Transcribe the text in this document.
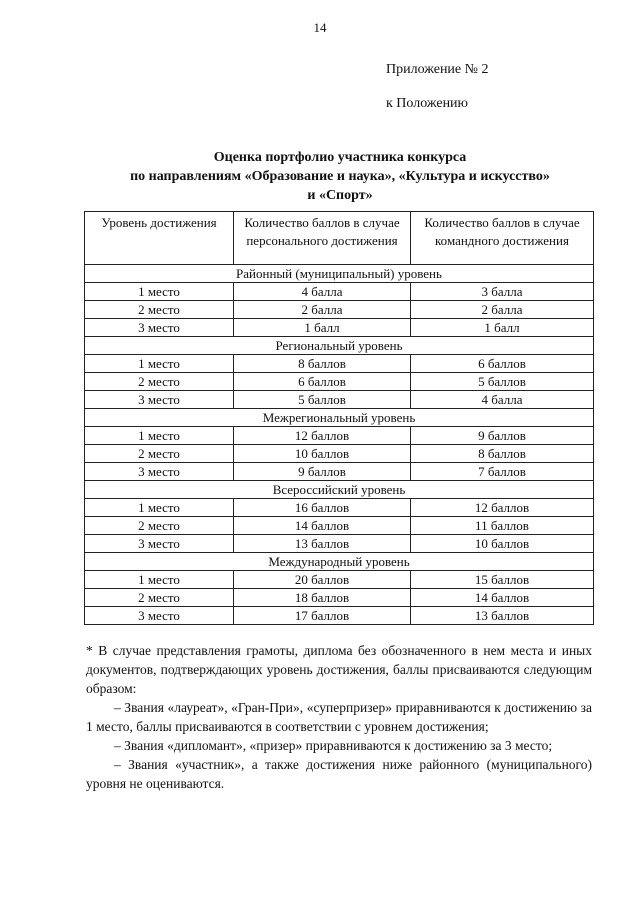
14
Приложение № 2
к Положению
Оценка портфолио участника конкурса
по направлениям «Образование и наука», «Культура и искусство»
и «Спорт»
Уровень достижения	Количество баллов в случае персонального достижения	Количество баллов в случае командного достижения
Районный (муниципальный) уровень		
1 место	4 балла	3 балла
2 место	2 балла	2 балла
3 место	1 балл	1 балл
Региональный уровень		
1 место	8 баллов	6 баллов
2 место	6 баллов	5 баллов
3 место	5 баллов	4 балла
Межрегиональный уровень		
1 место	12 баллов	9 баллов
2 место	10 баллов	8 баллов
3 место	9 баллов	7 баллов
Всероссийский уровень		
1 место	16 баллов	12 баллов
2 место	14 баллов	11 баллов
3 место	13 баллов	10 баллов
Международный уровень		
1 место	20 баллов	15 баллов
2 место	18 баллов	14 баллов
3 место	17 баллов	13 баллов

* В случае представления грамоты, диплома без обозначенного в нем места и иных документов, подтверждающих уровень достижения, баллы присваиваются следующим образом:

– Звания «лауреат», «Гран-При», «суперпризер» приравниваются к достижению за 1 место, баллы присваиваются в соответствии с уровнем достижения;

– Звания «дипломант», «призер» приравниваются к достижению за 3 место;

– Звания «участник», а также достижения ниже районного (муниципального) уровня не оцениваются.
